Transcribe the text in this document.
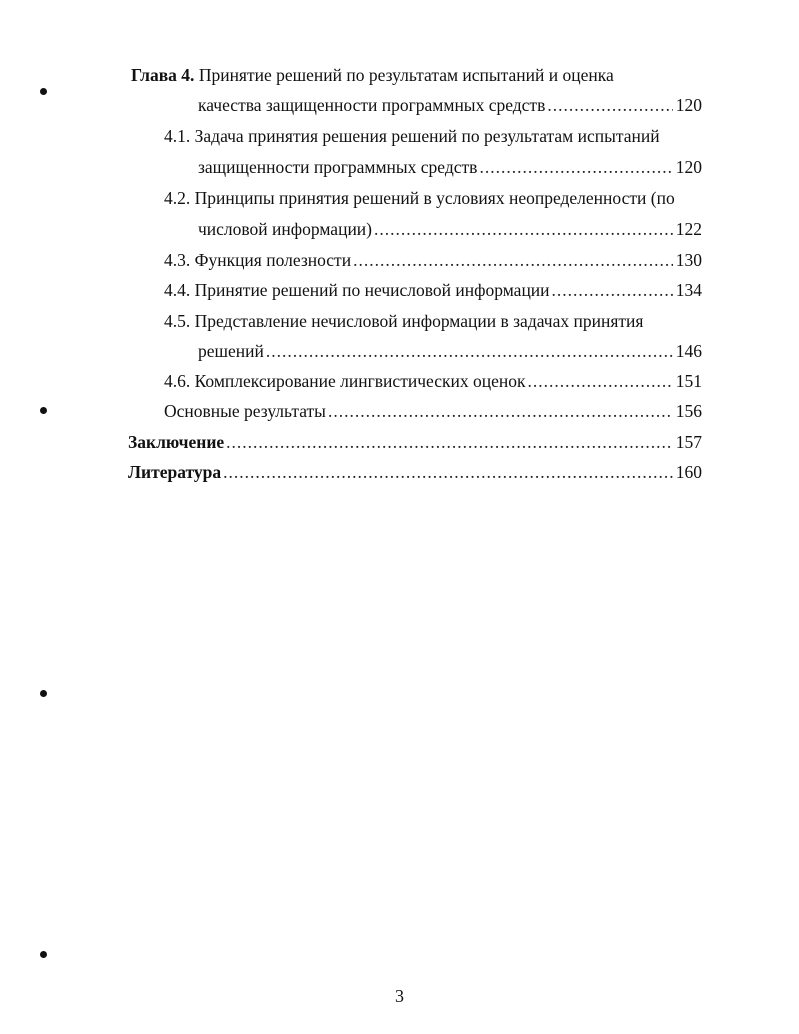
Глава 4. Принятие решений по результатам испытаний и оценка
качества защищенности программных средств .....	120
4.1. Задача принятия решения решений по результатам испытаний
защищенности программных средств .....	120
4.2. Принципы принятия решений в условиях неопределенности (по
числовой информации) .....	122
4.3. Функция полезности .....	130
4.4. Принятие решений по нечисловой информации .....	134
4.5. Представление нечисловой информации в задачах принятия
решений .....	146
4.6. Комплексирование лингвистических оценок .....	151
Основные результаты .....	156
Заключение .....	157
Литература .....	160
3
